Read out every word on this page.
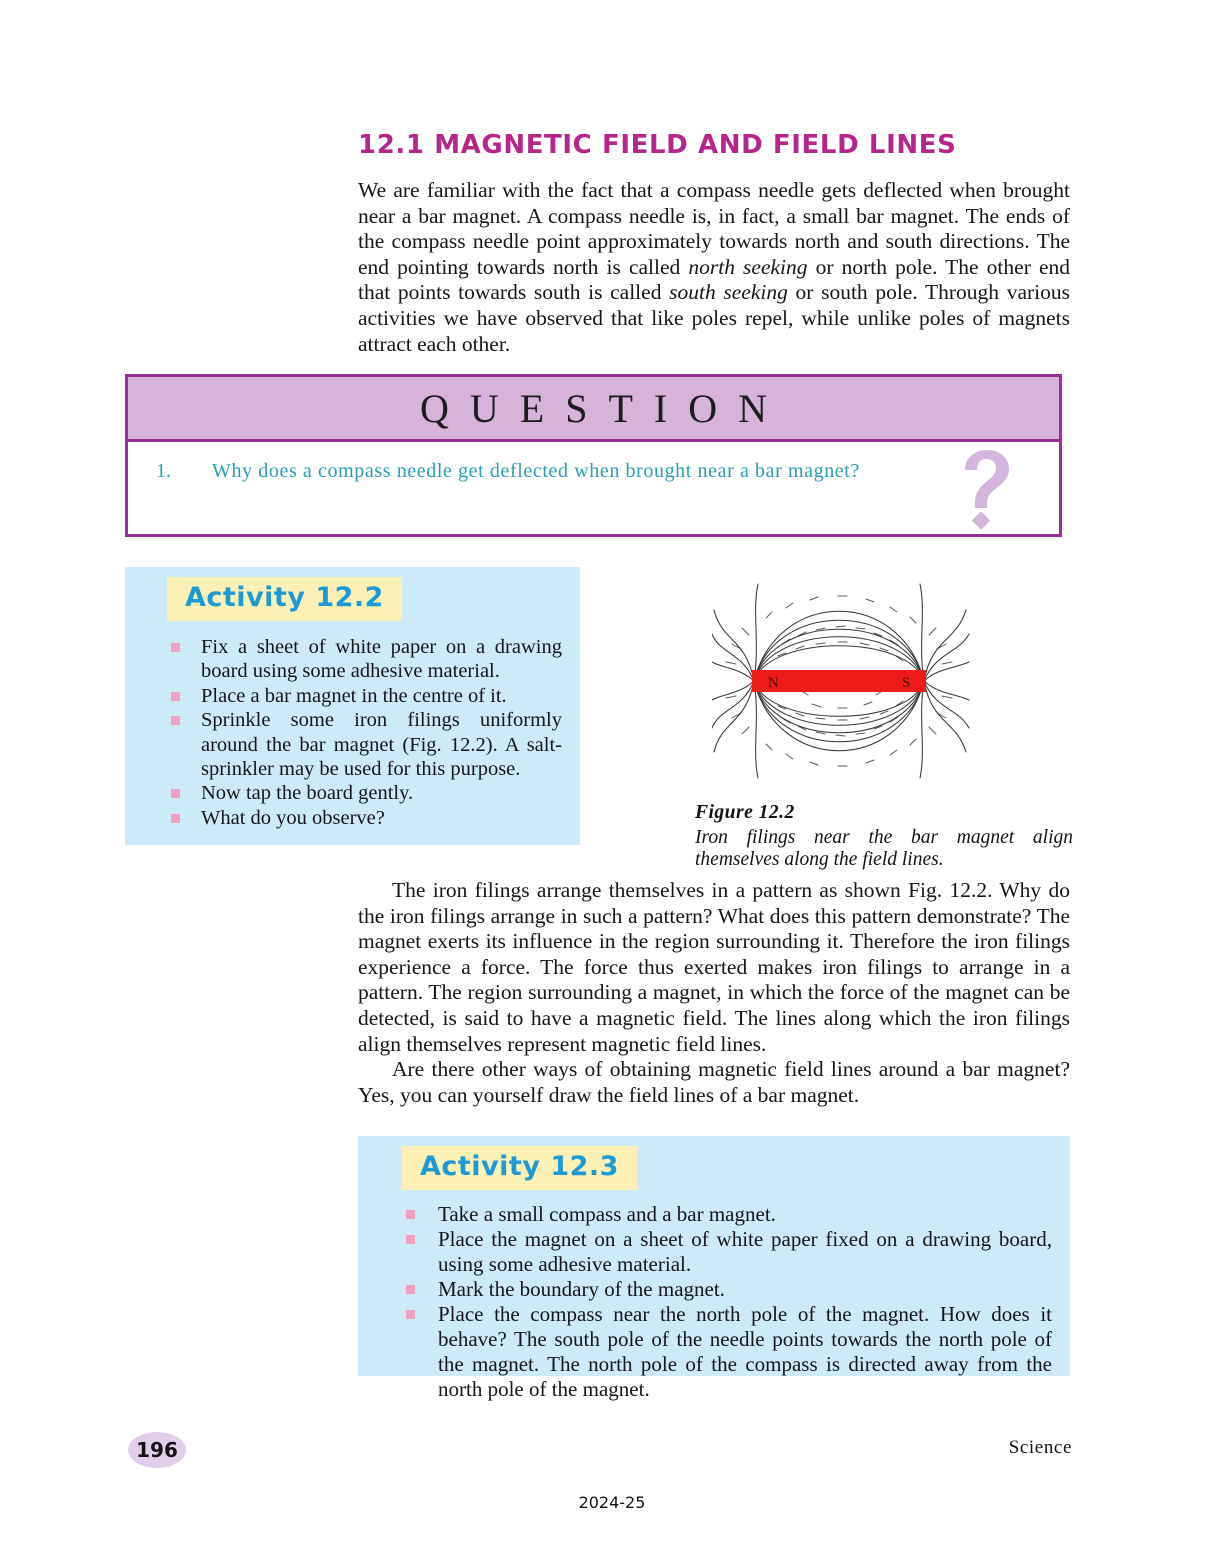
12.1 MAGNETIC FIELD AND FIELD LINES

We are familiar with the fact that a compass needle gets deflected when brought near a bar magnet. A compass needle is, in fact, a small bar magnet. The ends of the compass needle point approximately towards north and south directions. The end pointing towards north is called north seeking or north pole. The other end that points towards south is called south seeking or south pole. Through various activities we have observed that like poles repel, while unlike poles of magnets attract each other.

QUESTION
1.	Why does a compass needle get deflected when brought near a bar magnet?
Activity 12.2
Fix a sheet of white paper on a drawing board using some adhesive material.
Place a bar magnet in the centre of it.
Sprinkle some iron filings uniformly around the bar magnet (Fig. 12.2). A salt-sprinkler may be used for this purpose.
Now tap the board gently.
What do you observe?
N	S
Figure 12.2
Iron filings near the bar magnet align themselves along the field lines.

The iron filings arrange themselves in a pattern as shown Fig. 12.2. Why do the iron filings arrange in such a pattern? What does this pattern demonstrate? The magnet exerts its influence in the region surrounding it. Therefore the iron filings experience a force. The force thus exerted makes iron filings to arrange in a pattern. The region surrounding a magnet, in which the force of the magnet can be detected, is said to have a magnetic field. The lines along which the iron filings align themselves represent magnetic field lines.

Are there other ways of obtaining magnetic field lines around a bar magnet? Yes, you can yourself draw the field lines of a bar magnet.

Activity 12.3
Take a small compass and a bar magnet.
Place the magnet on a sheet of white paper fixed on a drawing board, using some adhesive material.
Mark the boundary of the magnet.
Place the compass near the north pole of the magnet. How does it behave? The south pole of the needle points towards the north pole of the magnet. The north pole of the compass is directed away from the north pole of the magnet.
196	Science
2024-25
